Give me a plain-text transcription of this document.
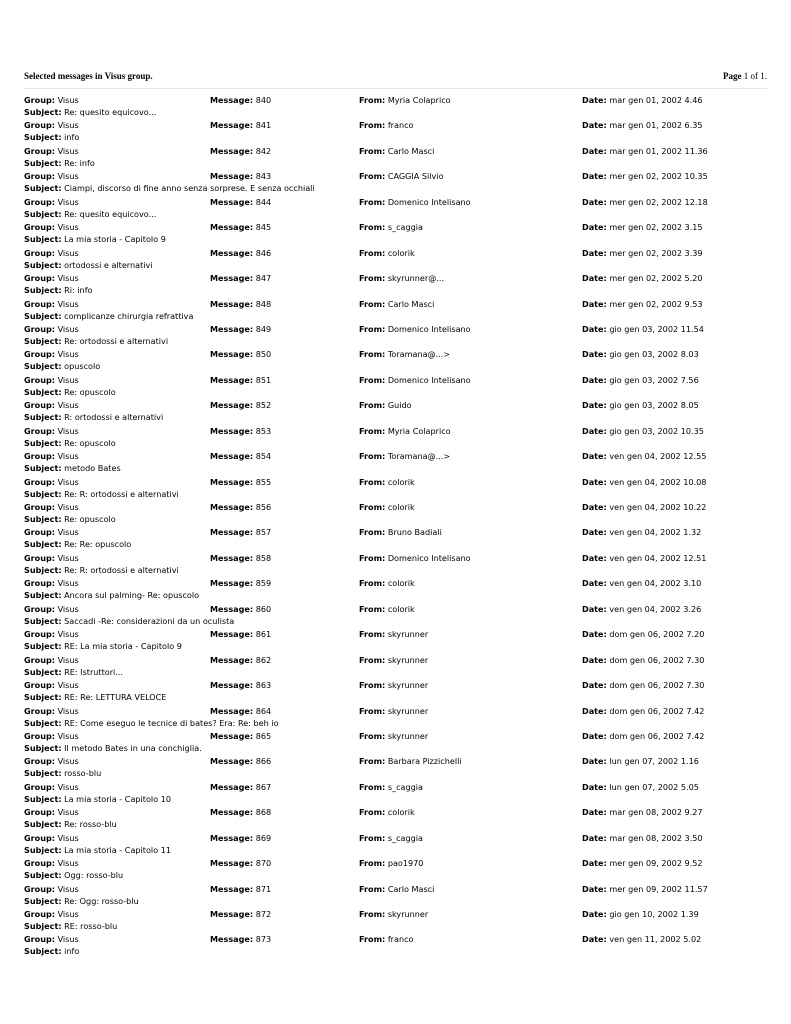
Selected messages in Visus group.	Page 1 of 1.
Group: Visus	Message: 840	From: Myria Colaprico	Date: mar gen 01, 2002 4.46
Subject: Re: quesito equicovo...
Group: Visus	Message: 841	From: franco	Date: mar gen 01, 2002 6.35
Subject: info
Group: Visus	Message: 842	From: Carlo Masci	Date: mar gen 01, 2002 11.36
Subject: Re: info
Group: Visus	Message: 843	From: CAGGIA Silvio	Date: mer gen 02, 2002 10.35
Subject: Ciampi, discorso di fine anno senza sorprese. E senza occhiali
Group: Visus	Message: 844	From: Domenico Intelisano	Date: mer gen 02, 2002 12.18
Subject: Re: quesito equicovo...
Group: Visus	Message: 845	From: s_caggia	Date: mer gen 02, 2002 3.15
Subject: La mia storia - Capitolo 9
Group: Visus	Message: 846	From: colorik	Date: mer gen 02, 2002 3.39
Subject: ortodossi e alternativi
Group: Visus	Message: 847	From: skyrunner@...	Date: mer gen 02, 2002 5.20
Subject: Ri: info
Group: Visus	Message: 848	From: Carlo Masci	Date: mer gen 02, 2002 9.53
Subject: complicanze chirurgia refrattiva
Group: Visus	Message: 849	From: Domenico Intelisano	Date: gio gen 03, 2002 11.54
Subject: Re: ortodossi e alternativi
Group: Visus	Message: 850	From: Toramana@...>	Date: gio gen 03, 2002 8.03
Subject: opuscolo
Group: Visus	Message: 851	From: Domenico Intelisano	Date: gio gen 03, 2002 7.56
Subject: Re: opuscolo
Group: Visus	Message: 852	From: Guido	Date: gio gen 03, 2002 8.05
Subject: R: ortodossi e alternativi
Group: Visus	Message: 853	From: Myria Colaprico	Date: gio gen 03, 2002 10.35
Subject: Re: opuscolo
Group: Visus	Message: 854	From: Toramana@...>	Date: ven gen 04, 2002 12.55
Subject: metodo Bates
Group: Visus	Message: 855	From: colorik	Date: ven gen 04, 2002 10.08
Subject: Re: R: ortodossi e alternativi
Group: Visus	Message: 856	From: colorik	Date: ven gen 04, 2002 10.22
Subject: Re: opuscolo
Group: Visus	Message: 857	From: Bruno Badiali	Date: ven gen 04, 2002 1.32
Subject: Re: Re: opuscolo
Group: Visus	Message: 858	From: Domenico Intelisano	Date: ven gen 04, 2002 12.51
Subject: Re: R: ortodossi e alternativi
Group: Visus	Message: 859	From: colorik	Date: ven gen 04, 2002 3.10
Subject: Ancora sul palming- Re: opuscolo
Group: Visus	Message: 860	From: colorik	Date: ven gen 04, 2002 3.26
Subject: Saccadi -Re: considerazioni da un oculista
Group: Visus	Message: 861	From: skyrunner	Date: dom gen 06, 2002 7.20
Subject: RE: La mia storia - Capitolo 9
Group: Visus	Message: 862	From: skyrunner	Date: dom gen 06, 2002 7.30
Subject: RE: Istruttori...
Group: Visus	Message: 863	From: skyrunner	Date: dom gen 06, 2002 7.30
Subject: RE: Re: LETTURA VELOCE
Group: Visus	Message: 864	From: skyrunner	Date: dom gen 06, 2002 7.42
Subject: RE: Come eseguo le tecnice di bates? Era: Re: beh io
Group: Visus	Message: 865	From: skyrunner	Date: dom gen 06, 2002 7.42
Subject: Il metodo Bates in una conchiglia.
Group: Visus	Message: 866	From: Barbara Pizzichelli	Date: lun gen 07, 2002 1.16
Subject: rosso-blu
Group: Visus	Message: 867	From: s_caggia	Date: lun gen 07, 2002 5.05
Subject: La mia storia - Capitolo 10
Group: Visus	Message: 868	From: colorik	Date: mar gen 08, 2002 9.27
Subject: Re: rosso-blu
Group: Visus	Message: 869	From: s_caggia	Date: mar gen 08, 2002 3.50
Subject: La mia storia - Capitolo 11
Group: Visus	Message: 870	From: pao1970	Date: mer gen 09, 2002 9.52
Subject: Ogg: rosso-blu
Group: Visus	Message: 871	From: Carlo Masci	Date: mer gen 09, 2002 11.57
Subject: Re: Ogg: rosso-blu
Group: Visus	Message: 872	From: skyrunner	Date: gio gen 10, 2002 1.39
Subject: RE: rosso-blu
Group: Visus	Message: 873	From: franco	Date: ven gen 11, 2002 5.02
Subject: info
